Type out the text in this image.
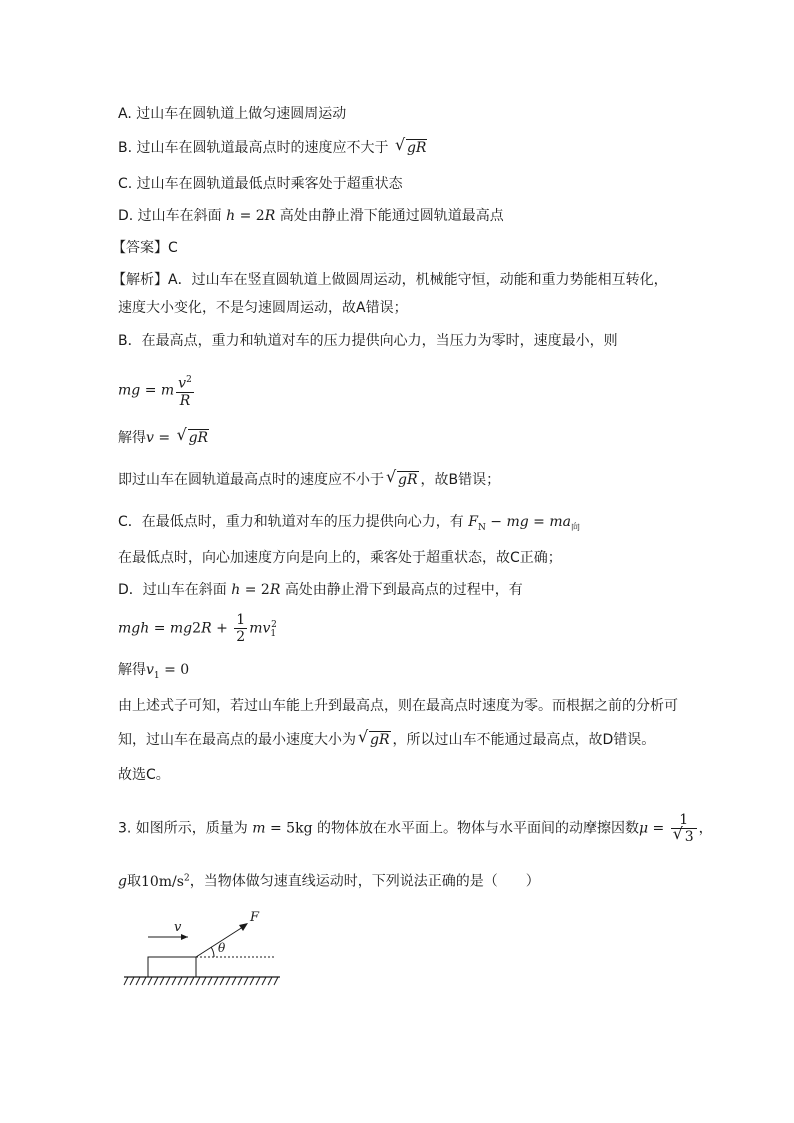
A. 过山车在圆轨道上做匀速圆周运动
B. 过山车在圆轨道最高点时的速度应不大于 √ gR
C. 过山车在圆轨道最低点时乘客处于超重状态
D. 过山车在斜面 h = 2R 高处由静止滑下能通过圆轨道最高点
【答案】C
【解析】A．过山车在竖直圆轨道上做圆周运动，机械能守恒，动能和重力势能相互转化，
速度大小变化，不是匀速圆周运动，故A错误；
B．在最高点，重力和轨道对车的压力提供向心力，当压力为零时，速度最小，则
mg = m $\frac{v^2}{R}$
解得v = √ gR
即过山车在圆轨道最高点时的速度应不小于 √ gR ，故B错误；
C．在最低点时，重力和轨道对车的压力提供向心力，有 $F_N$ − mg = $ma_向$
在最低点时，向心加速度方向是向上的，乘客处于超重状态，故C正确；
D．过山车在斜面 h = 2R 高处由静止滑下到最高点的过程中，有
mgh = $mg2R + \frac{1}{2} mv_1^2$
解得$v_1 = 0$
由上述式子可知，若过山车能上升到最高点，则在最高点时速度为零。而根据之前的分析可
知，过山车在最高点的最小速度大小为 √ gR ，所以过山车不能通过最高点，故D错误。
故选C。
3. 如图所示，质量为 m = 5kg 的物体放在水平面上。物体与水平面间的动摩擦因数$\mu = \frac{1}{√ 3}$ ，
g取$10m/s^2$，当物体做匀速直线运动时，下列说法正确的是（　　）
v
F
θ
